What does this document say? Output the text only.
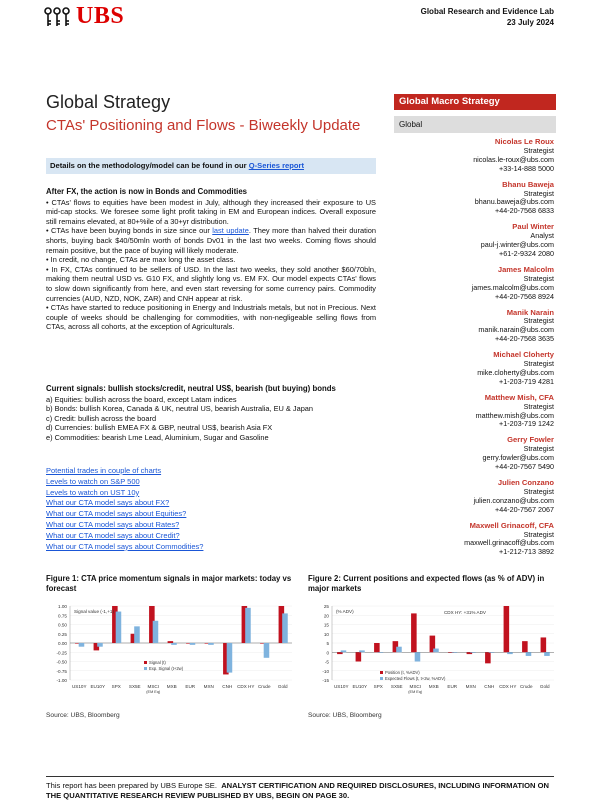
UBS	Global Research and Evidence Lab
23 July 2024
Global Strategy
CTAs' Positioning and Flows - Biweekly Update
Global Macro Strategy
Global
Details on the methodology/model can be found in our Q-Series report
After FX, the action is now in Bonds and Commodities
• CTAs' flows to equities have been modest in July, although they increased their exposure to US mid-cap stocks. We foresee some light profit taking in EM and European indices. Overall exposure still remains elevated, at 80+%ile of a 30+yr distribution.
• CTAs have been buying bonds in size since our last update. They more than halved their duration shorts, buying back $40/50mln worth of bonds Dv01 in the last two weeks. Coming flows should remain positive, but the pace of buying will likely moderate.
• In credit, no change, CTAs are max long the asset class.
• In FX, CTAs continued to be sellers of USD. In the last two weeks, they sold another $60/70bln, making them neutral USD vs. G10 FX, and slightly long vs. EM FX. Our model expects CTAs' flows to slow down significantly from here, and even start reversing for some currency pairs. Commodity currencies (AUD, NZD, NOK, ZAR) and CNH appear at risk.
• CTAs have started to reduce positioning in Energy and Industrials metals, but not in Precious. Next couple of weeks should be challenging for commodities, with non-negligeable selling flows from CTAs, across all cohorts, at the exception of Agriculturals.
Current signals: bullish stocks/credit, neutral US$, bearish (but buying) bonds
a) Equities: bullish across the board, except Latam indices
b) Bonds: bullish Korea, Canada & UK, neutral US, bearish Australia, EU & Japan
c) Credit: bullish across the board
d) Currencies: bullish EMEA FX & GBP, neutral US$, bearish Asia FX
e) Commodities: bearish Lme Lead, Aluminium, Sugar and Gasoline
Potential trades in couple of charts
Levels to watch on S&P 500
Levels to watch on UST 10y
What our CTA model says about FX?
What our CTA model says about Equities?
What our CTA model says about Rates?
What our CTA model says about Credit?
What our CTA model says about Commodities?
Nicolas Le Roux
Strategist
nicolas.le-roux@ubs.com
+33-14-888 5000
Bhanu Baweja
Strategist
bhanu.baweja@ubs.com
+44-20-7568 6833
Paul Winter
Analyst
paul-j.winter@ubs.com
+61-2-9324 2080
James Malcolm
Strategist
james.malcolm@ubs.com
+44-20-7568 8924
Manik Narain
Strategist
manik.narain@ubs.com
+44-20-7568 3635
Michael Cloherty
Strategist
mike.cloherty@ubs.com
+1-203-719 4281
Matthew Mish, CFA
Strategist
matthew.mish@ubs.com
+1-203-719 1242
Gerry Fowler
Strategist
gerry.fowler@ubs.com
+44-20-7567 5490
Julien Conzano
Strategist
julien.conzano@ubs.com
+44-20-7567 2067
Maxwell Grinacoff, CFA
Strategist
maxwell.grinacoff@ubs.com
+1-212-713 3892
Figure 1: CTA price momentum signals in major markets: today vs forecast
Figure 2: Current positions and expected flows (as % of ADV) in major markets
1.00
0.75
0.50
0.25
0.00
-0.25
-0.50
-0.75
-1.00
US10Y EU10Y SPX SX5E MSCI
(EM Eq)
MXB EUR MXN CNH CDX HY Crude Gold
Signal value (-1,+1)
Signal (t)
Exp. Signal (t+2w)
25
20
15
10
5
0
-5
-10
-15
US10Y EU10Y SPX SX5E MSCI
(EM Eq)
MXB EUR MXN CNH CDX HY Crude Gold
(% ADV)	CDX HY: +31% ADV
Position (t, %ADV)
Expected Flows (t, t+2w, %ADV)
Source: UBS, Bloomberg	Source: UBS, Bloomberg
This report has been prepared by UBS Europe SE. ANALYST CERTIFICATION AND REQUIRED DISCLOSURES, INCLUDING INFORMATION ON THE QUANTITATIVE RESEARCH REVIEW PUBLISHED BY UBS, BEGIN ON PAGE 30.
